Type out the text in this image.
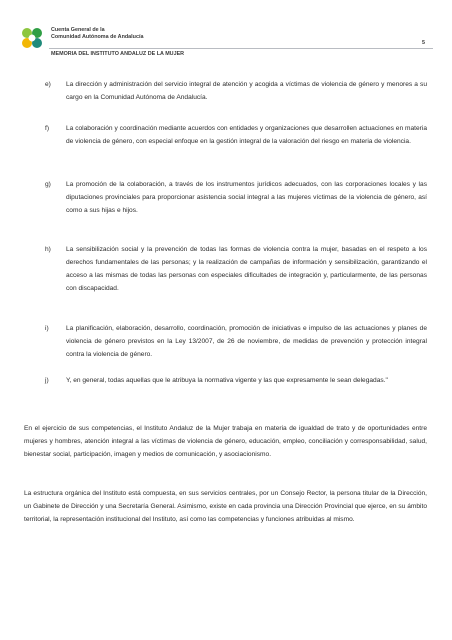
Cuenta General de la
Comunidad Autónoma de Andalucía
5
MEMORIA DEL INSTITUTO ANDALUZ DE LA MUJER
e) La dirección y administración del servicio integral de atención y acogida a víctimas de violencia de género y menores a su cargo en la Comunidad Autónoma de Andalucía.
f)	La colaboración y coordinación mediante acuerdos con entidades y organizaciones que desarrollen actuaciones en materia de violencia de género, con especial enfoque en la gestión integral de la valoración del riesgo en materia de violencia.
g) La promoción de la colaboración, a través de los instrumentos jurídicos adecuados, con las corporaciones locales y las diputaciones provinciales para proporcionar asistencia social integral a las mujeres víctimas de la violencia de género, así como a sus hijas e hijos.
h) La sensibilización social y la prevención de todas las formas de violencia contra la mujer, basadas en el respeto a los derechos fundamentales de las personas; y la realización de campañas de información y sensibilización, garantizando el acceso a las mismas de todas las personas con especiales dificultades de integración y, particularmente, de las personas con discapacidad.
i)	La planificación, elaboración, desarrollo, coordinación, promoción de iniciativas e impulso de las actuaciones y planes de violencia de género previstos en la Ley 13/2007, de 26 de noviembre, de medidas de prevención y protección integral contra la violencia de género.
j)	Y, en general, todas aquellas que le atribuya la normativa vigente y las que expresamente le sean delegadas."
En el ejercicio de sus competencias, el Instituto Andaluz de la Mujer trabaja en materia de igualdad de trato y de oportunidades entre mujeres y hombres, atención integral a las víctimas de violencia de género, educación, empleo, conciliación y corresponsabilidad, salud, bienestar social, participación, imagen y medios de comunicación, y asociacionismo.
La estructura orgánica del Instituto está compuesta, en sus servicios centrales, por un Consejo Rector, la persona titular de la Dirección, un Gabinete de Dirección y una Secretaría General. Asimismo, existe en cada provincia una Dirección Provincial que ejerce, en su ámbito territorial, la representación institucional del Instituto, así como las competencias y funciones atribuidas al mismo.
